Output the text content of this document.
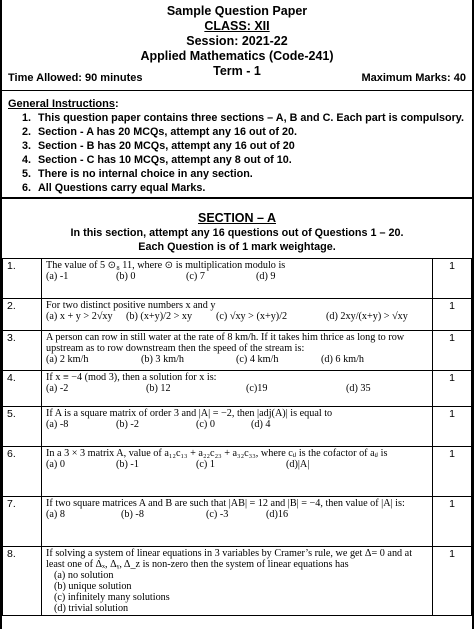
Sample Question Paper
CLASS: XII
Session: 2021-22
Applied Mathematics (Code-241)
Term - 1
Time Allowed: 90 minutes	Maximum Marks: 40
General Instructions:
1. This question paper contains three sections – A, B and C. Each part is compulsory.
2. Section - A has 20 MCQs, attempt any 16 out of 20.
3. Section - B has 20 MCQs, attempt any 16 out of 20
4. Section - C has 10 MCQs, attempt any 8 out of 10.
5. There is no internal choice in any section.
6. All Questions carry equal Marks.
SECTION – A
In this section, attempt any 16 questions out of Questions 1 – 20.
Each Question is of 1 mark weightage.
1.	The value of 5 ⊙₈ 11, where ⊙ is multiplication modulo is
(a) -1 (b) 0 (c) 7 (d) 9	1
2.	For two distinct positive numbers x and y
(a) x + y > 2√xy (b) (x+y)/2 > xy (c) √xy > (x+y)/2 (d) 2xy/(x+y) > √xy	1
3.	A person can row in still water at the rate of 8 km/h. If it takes him thrice as long to row upstream as to row downstream then the speed of the stream is:
(a) 2 km/h (b) 3 km/h (c) 4 km/h (d) 6 km/h	1
4.	If x ≡ −4 (mod 3), then a solution for x is:
(a) -2 (b) 12 (c)19 (d) 35	1
5.	If A is a square matrix of order 3 and |A| = −2, then |adj(A)| is equal to
(a) -8 (b) -2 (c) 0 (d) 4	1
6.	In a 3 × 3 matrix A, value of a₁₂c₁₃ + a₂₂c₂₃ + a₃₂c₃₃, where cᵢⱼ is the cofactor of aᵢⱼ is
(a) 0 (b) -1 (c) 1 (d)|A|	1
7.	If two square matrices A and B are such that |AB| = 12 and |B| = −4, then value of |A| is:
(a) 8 (b) -8 (c) -3 (d)16	1
8.	If solving a system of linear equations in 3 variables by Cramer’s rule, we get Δ= 0 and at least one of Δₓ, Δᵧ, Δ_z is non-zero then the system of linear equations has
(a) no solution
(b) unique solution
(c) infinitely many solutions
(d) trivial solution	1
